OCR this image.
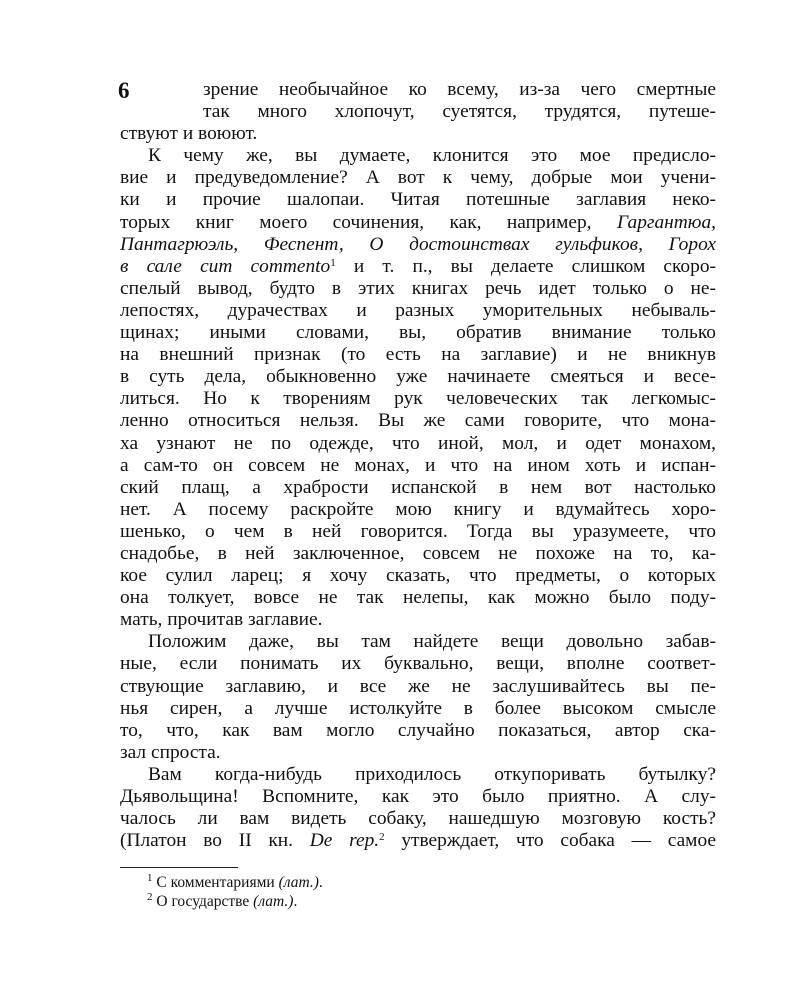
6	зрение необычайное ко всему, из-за чего смертные
так много хлопочут, суетятся, трудятся, путеше-
ствуют и воюют.
К чему же, вы думаете, клонится это мое предисло-
вие и предуведомление? А вот к чему, добрые мои учени-
ки и прочие шалопаи. Читая потешные заглавия неко-
торых книг моего сочинения, как, например, Гаргантюа,
Пантагрюэль, Феспент, О достоинствах гульфиков, Горох
в сале cum commento$^1$ и т. п., вы делаете слишком скоро-
спелый вывод, будто в этих книгах речь идет только о не-
лепостях, дурачествах и разных уморительных небываль-
щинах; иными словами, вы, обратив внимание только
на внешний признак (то есть на заглавие) и не вникнув
в суть дела, обыкновенно уже начинаете смеяться и весе-
литься. Но к творениям рук человеческих так легкомыс-
ленно относиться нельзя. Вы же сами говорите, что мона-
ха узнают не по одежде, что иной, мол, и одет монахом,
а сам-то он совсем не монах, и что на ином хоть и испан-
ский плащ, а храбрости испанской в нем вот настолько
нет. А посему раскройте мою книгу и вдумайтесь хоро-
шенько, о чем в ней говорится. Тогда вы уразумеете, что
снадобье, в ней заключенное, совсем не похоже на то, ка-
кое сулил ларец; я хочу сказать, что предметы, о которых
она толкует, вовсе не так нелепы, как можно было поду-
мать, прочитав заглавие.
Положим даже, вы там найдете вещи довольно забав-
ные, если понимать их буквально, вещи, вполне соответ-
ствующие заглавию, и все же не заслушивайтесь вы пе-
нья сирен, а лучше истолкуйте в более высоком смысле
то, что, как вам могло случайно показаться, автор ска-
зал спроста.
Вам когда-нибудь приходилось откупоривать бутылку?
Дьявольщина! Вспомните, как это было приятно. А слу-
чалось ли вам видеть собаку, нашедшую мозговую кость?
(Платон во II кн. De rep.$^2$ утверждает, что собака — самое
$^1$ С комментариями (лат.).
$^2$ О государстве (лат.).
